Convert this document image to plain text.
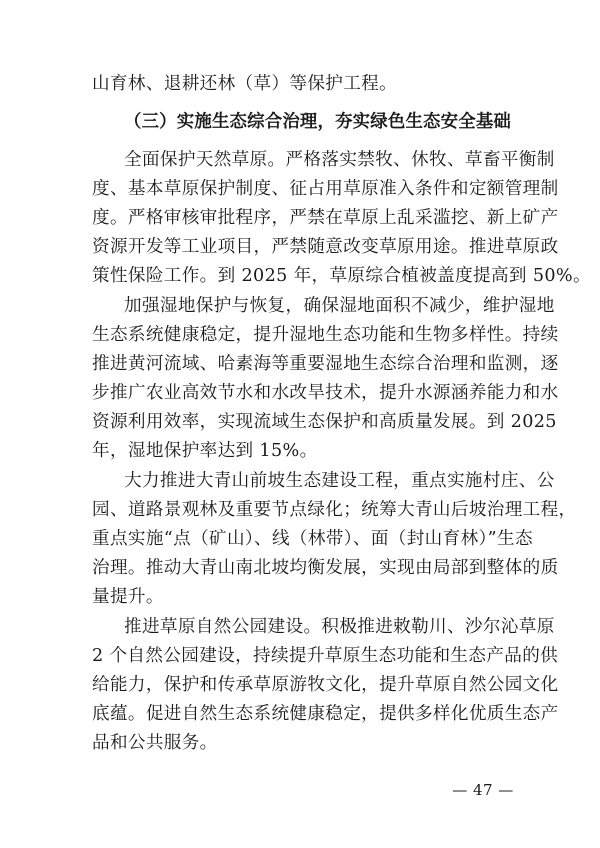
山育林、退耕还林（草）等保护工程。
（三）实施生态综合治理，夯实绿色生态安全基础
全面保护天然草原。严格落实禁牧、休牧、草畜平衡制
度、基本草原保护制度、征占用草原准入条件和定额管理制
度。严格审核审批程序，严禁在草原上乱采滥挖、新上矿产
资源开发等工业项目，严禁随意改变草原用途。推进草原政
策性保险工作。到 2025 年，草原综合植被盖度提高到 50%。
加强湿地保护与恢复，确保湿地面积不减少，维护湿地
生态系统健康稳定，提升湿地生态功能和生物多样性。持续
推进黄河流域、哈素海等重要湿地生态综合治理和监测，逐
步推广农业高效节水和水改旱技术，提升水源涵养能力和水
资源利用效率，实现流域生态保护和高质量发展。到 2025
年，湿地保护率达到 15%。
大力推进大青山前坡生态建设工程，重点实施村庄、公
园、道路景观林及重要节点绿化；统筹大青山后坡治理工程，
重点实施“点（矿山）、线（林带）、面（封山育林）”生态
治理。推动大青山南北坡均衡发展，实现由局部到整体的质
量提升。
推进草原自然公园建设。积极推进敕勒川、沙尔沁草原
2 个自然公园建设，持续提升草原生态功能和生态产品的供
给能力，保护和传承草原游牧文化，提升草原自然公园文化
底蕴。促进自然生态系统健康稳定，提供多样化优质生态产
品和公共服务。
— 47 —
